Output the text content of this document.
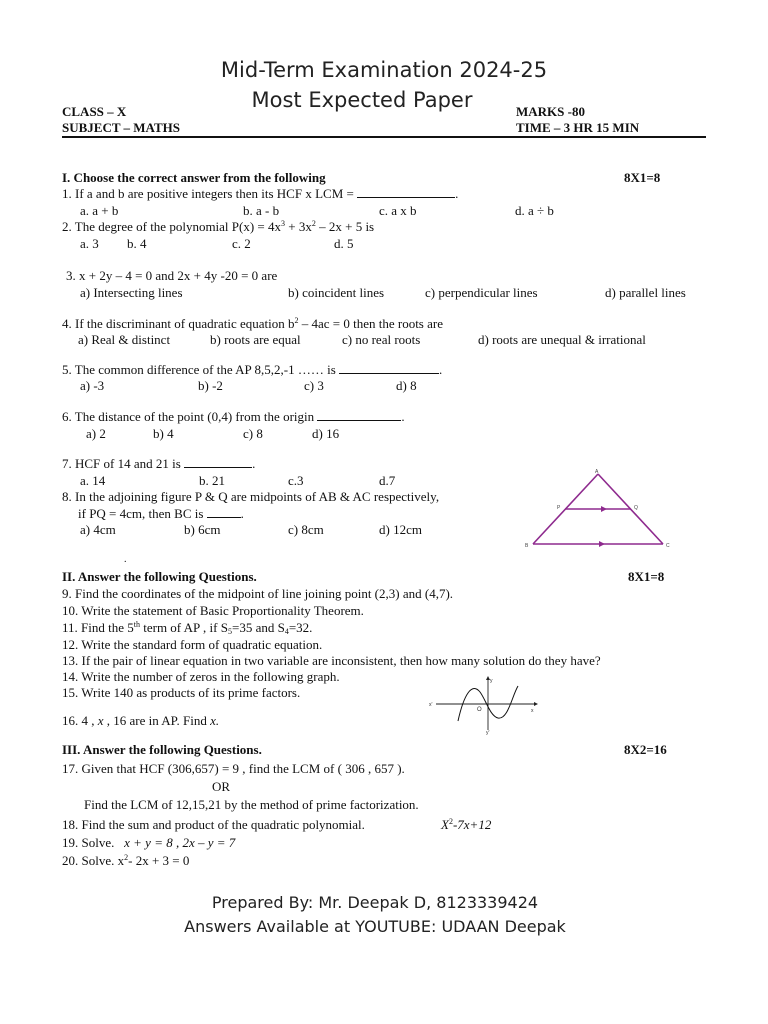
Mid-Term Examination 2024-25
Most Expected Paper
CLASS – X
SUBJECT – MATHS
MARKS -80
TIME – 3 HR 15 MIN
I. Choose the correct answer from the following	8X1=8
1. If a and b are positive integers then its HCF x LCM =	.
a. a + b	b. a - b	c. a x b	d. a ÷ b
2. The degree of the polynomial $P(x) = 4x^3 + 3x^2 - 2x + 5$ is
a. 3 b. 4	c. 2	d. 5
3. x + 2y – 4 = 0 and 2x + 4y -20 = 0 are
a) Intersecting lines	b) coincident lines	c) perpendicular lines	d) parallel lines
4. If the discriminant of quadratic equation $b^2 - 4ac = 0$ then the roots are
a) Real & distinct	b) roots are equal	c) no real roots	d) roots are unequal & irrational
5. The common difference of the AP 8,5,2,-1 …… is	.
a) -3	b) -2	c) 3	d) 8
6. The distance of the point (0,4) from the origin	.
a) 2	b) 4	c) 8	d) 16
7. HCF of 14 and 21 is	.
a. 14	b. 21	c.3	d.7
8. In the adjoining figure P & Q are midpoints of AB & AC respectively,
if PQ = 4cm, then BC is	.
a) 4cm	b) 6cm	c) 8cm	d) 12cm
A
P	Q
B	C
.
II. Answer the following Questions.	8X1=8
9. Find the coordinates of the midpoint of line joining point (2,3) and (4,7).
10. Write the statement of Basic Proportionality Theorem.
11. Find the 5th term of AP , if $S_5=35$ and $S_4=32$.
12. Write the standard form of quadratic equation.
13. If the pair of linear equation in two variable are inconsistent, then how many solution do they have?
14. Write the number of zeros in the following graph.
15. Write 140 as products of its prime factors.
16. 4 , x , 16 are in AP. Find x.
x'
x
y
y'
O
III. Answer the following Questions.	8X2=16
17. Given that HCF (306,657) = 9 , find the LCM of ( 306 , 657 ).
OR
Find the LCM of 12,15,21 by the method of prime factorization.
18. Find the sum and product of the quadratic polynomial.	$X^2-7x+12$
19. Solve. x + y = 8 , 2x – y = 7
20. Solve. $x^2-$ 2x + 3 = 0
Prepared By: Mr. Deepak D, 8123339424
Answers Available at YOUTUBE: UDAAN Deepak
